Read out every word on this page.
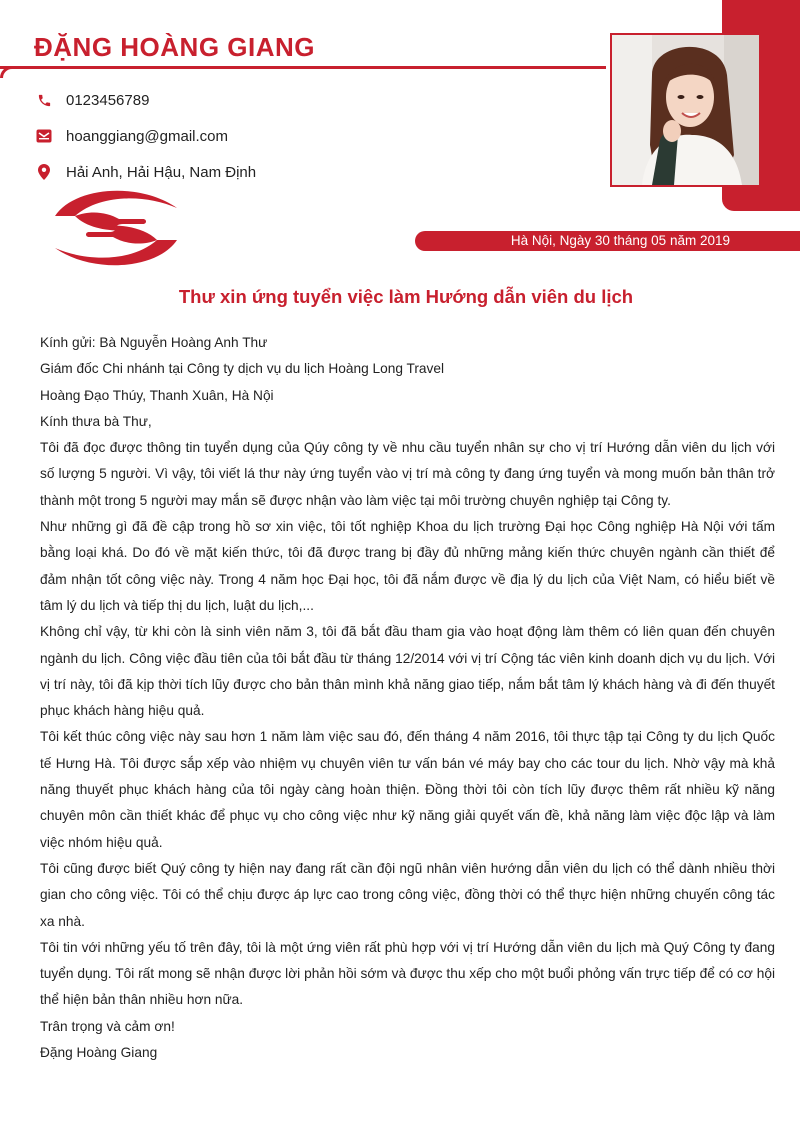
ĐẶNG HOÀNG GIANG
0123456789
hoanggiang@gmail.com
Hải Anh, Hải Hậu, Nam Định
Hà Nội, Ngày 30 tháng 05 năm 2019
Thư xin ứng tuyển việc làm Hướng dẫn viên du lịch

Kính gửi: Bà Nguyễn Hoàng Anh Thư

Giám đốc Chi nhánh tại Công ty dịch vụ du lịch Hoàng Long Travel

Hoàng Đạo Thúy, Thanh Xuân, Hà Nội

Kính thưa bà Thư,

Tôi đã đọc được thông tin tuyển dụng của Qúy công ty về nhu cầu tuyển nhân sự cho vị trí Hướng dẫn viên du lịch với số lượng 5 người. Vì vậy, tôi viết lá thư này ứng tuyển vào vị trí mà công ty đang ứng tuyển và mong muốn bản thân trở thành một trong 5 người may mắn sẽ được nhận vào làm việc tại môi trường chuyên nghiệp tại Công ty.

Như những gì đã đề cập trong hồ sơ xin việc, tôi tốt nghiệp Khoa du lịch trường Đại học Công nghiệp Hà Nội với tấm bằng loại khá. Do đó về mặt kiến thức, tôi đã được trang bị đầy đủ những mảng kiến thức chuyên ngành cần thiết để đảm nhận tốt công việc này. Trong 4 năm học Đại học, tôi đã nắm được về địa lý du lịch của Việt Nam, có hiểu biết về tâm lý du lịch và tiếp thị du lịch, luật du lịch,...

Không chỉ vậy, từ khi còn là sinh viên năm 3, tôi đã bắt đầu tham gia vào hoạt động làm thêm có liên quan đến chuyên ngành du lịch. Công việc đầu tiên của tôi bắt đầu từ tháng 12/2014 với vị trí Cộng tác viên kinh doanh dịch vụ du lịch. Với vị trí này, tôi đã kịp thời tích lũy được cho bản thân mình khả năng giao tiếp, nắm bắt tâm lý khách hàng và đi đến thuyết phục khách hàng hiệu quả.

Tôi kết thúc công việc này sau hơn 1 năm làm việc sau đó, đến tháng 4 năm 2016, tôi thực tập tại Công ty du lịch Quốc tế Hưng Hà. Tôi được sắp xếp vào nhiệm vụ chuyên viên tư vấn bán vé máy bay cho các tour du lịch. Nhờ vậy mà khả năng thuyết phục khách hàng của tôi ngày càng hoàn thiện. Đồng thời tôi còn tích lũy được thêm rất nhiều kỹ năng chuyên môn cần thiết khác để phục vụ cho công việc như kỹ năng giải quyết vấn đề, khả năng làm việc độc lập và làm việc nhóm hiệu quả.

Tôi cũng được biết Quý công ty hiện nay đang rất cần đội ngũ nhân viên hướng dẫn viên du lịch có thể dành nhiều thời gian cho công việc. Tôi có thể chịu được áp lực cao trong công việc, đồng thời có thể thực hiện những chuyến công tác xa nhà.

Tôi tin với những yếu tố trên đây, tôi là một ứng viên rất phù hợp với vị trí Hướng dẫn viên du lịch mà Quý Công ty đang tuyển dụng. Tôi rất mong sẽ nhận được lời phản hồi sớm và được thu xếp cho một buổi phỏng vấn trực tiếp để có cơ hội thể hiện bản thân nhiều hơn nữa.

Trân trọng và cảm ơn!

Đặng Hoàng Giang
